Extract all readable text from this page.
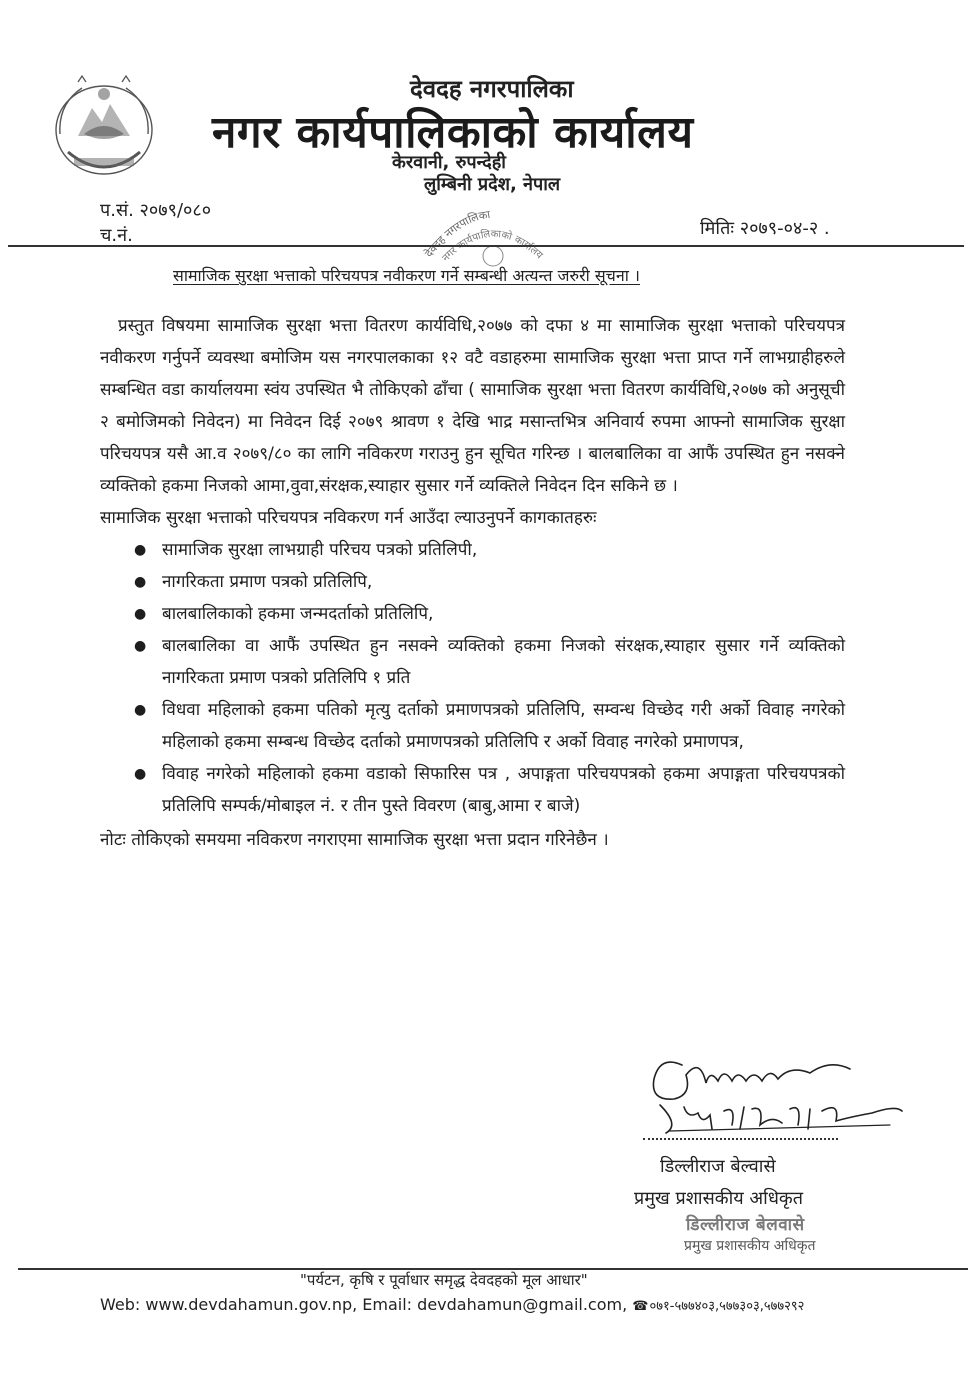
देवदह नगरपालिका
नगर कार्यपालिकाको कार्यालय
केरवानी, रुपन्देही
लुम्बिनी प्रदेश, नेपाल
प.सं. २०७९/०८०
च.नं.
देवदह नगरपालिका
नगर कार्यपालिकाको कार्यालय
मितिः २०७९-०४-२ .
सामाजिक सुरक्षा भत्ताको परिचयपत्र नवीकरण गर्ने सम्बन्धी अत्यन्त जरुरी सूचना ।

प्रस्तुत विषयमा सामाजिक सुरक्षा भत्ता वितरण कार्यविधि,२०७७ को दफा ४ मा सामाजिक सुरक्षा भत्ताको परिचयपत्र नवीकरण गर्नुपर्ने व्यवस्था बमोजिम यस नगरपालकाका १२ वटै वडाहरुमा सामाजिक सुरक्षा भत्ता प्राप्त गर्ने लाभग्राहीहरुले सम्बन्धित वडा कार्यालयमा स्वंय उपस्थित भै तोकिएको ढाँचा ( सामाजिक सुरक्षा भत्ता वितरण कार्यविधि,२०७७ को अनुसूची २ बमोजिमको निवेदन) मा निवेदन दिई २०७९ श्रावण १ देखि भाद्र मसान्तभित्र अनिवार्य रुपमा आफ्नो सामाजिक सुरक्षा परिचयपत्र यसै आ.व २०७९/८० का लागि नविकरण गराउनु हुन सूचित गरिन्छ । बालबालिका वा आफैं उपस्थित हुन नसक्ने व्यक्तिको हकमा निजको आमा,वुवा,संरक्षक,स्याहार सुसार गर्ने व्यक्तिले निवेदन दिन सकिने छ ।

सामाजिक सुरक्षा भत्ताको परिचयपत्र नविकरण गर्न आउँदा ल्याउनुपर्ने कागकातहरुः

● सामाजिक सुरक्षा लाभग्राही परिचय पत्रको प्रतिलिपी,
● नागरिकता प्रमाण पत्रको प्रतिलिपि,
● बालबालिकाको हकमा जन्मदर्ताको प्रतिलिपि,
● बालबालिका वा आफैं उपस्थित हुन नसक्ने व्यक्तिको हकमा निजको संरक्षक,स्याहार सुसार गर्ने व्यक्तिको नागरिकता प्रमाण पत्रको प्रतिलिपि १ प्रति
● विधवा महिलाको हकमा पतिको मृत्यु दर्ताको प्रमाणपत्रको प्रतिलिपि, सम्वन्ध विच्छेद गरी अर्को विवाह नगरेको महिलाको हकमा सम्बन्ध विच्छेद दर्ताको प्रमाणपत्रको प्रतिलिपि र अर्को विवाह नगरेको प्रमाणपत्र,
● विवाह नगरेको महिलाको हकमा वडाको सिफारिस पत्र , अपाङ्गता परिचयपत्रको हकमा अपाङ्गता परिचयपत्रको प्रतिलिपि सम्पर्क/मोबाइल नं. र तीन पुस्ते विवरण (बाबु,आमा र बाजे)

नोटः तोकिएको समयमा नविकरण नगराएमा सामाजिक सुरक्षा भत्ता प्रदान गरिनेछैन ।

डिल्लीराज बेल्वासे
प्रमुख प्रशासकीय अधिकृत
डिल्लीराज बेलवासे
प्रमुख प्रशासकीय अधिकृत
"पर्यटन, कृषि र पूर्वाधार समृद्ध देवदहको मूल आधार"
Web: www.devdahamun.gov.np, Email: devdahamun@gmail.com, ☎०७१-५७७४०३,५७७३०३,५७७२९२
